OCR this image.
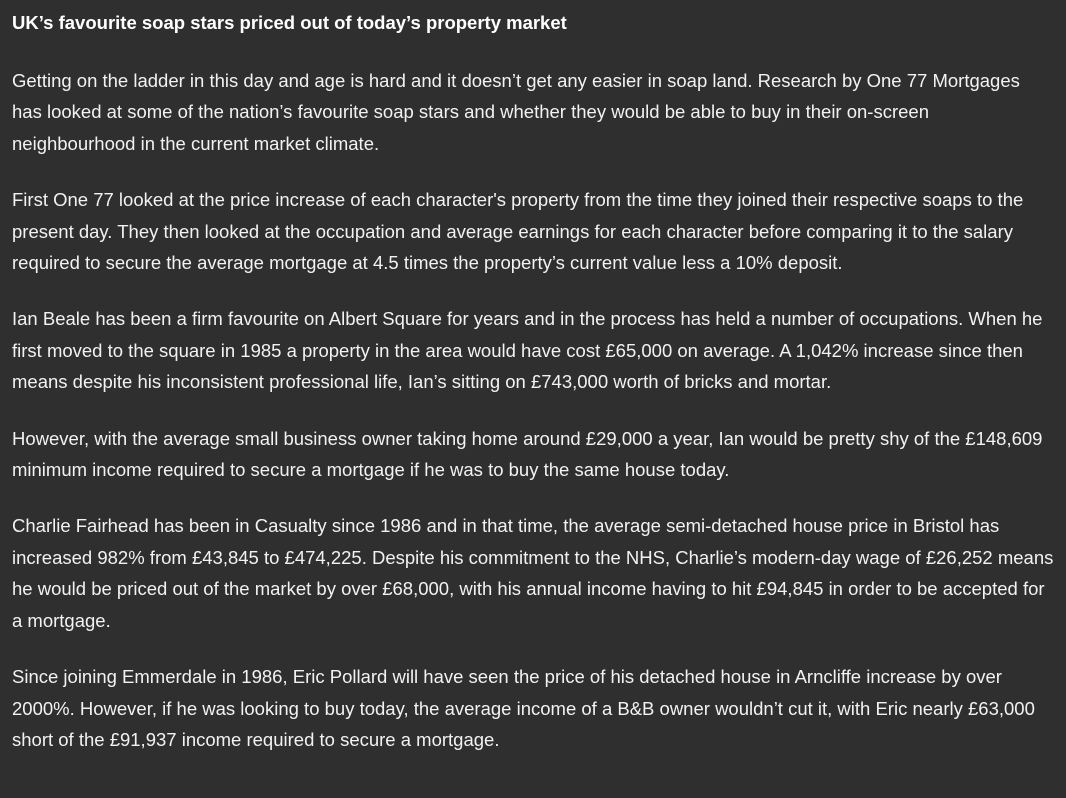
UK’s favourite soap stars priced out of today’s property market

Getting on the ladder in this day and age is hard and it doesn’t get any easier in soap land. Research by One 77 Mortgages has looked at some of the nation’s favourite soap stars and whether they would be able to buy in their on-screen neighbourhood in the current market climate.

First One 77 looked at the price increase of each character's property from the time they joined their respective soaps to the present day. They then looked at the occupation and average earnings for each character before comparing it to the salary required to secure the average mortgage at 4.5 times the property’s current value less a 10% deposit.

Ian Beale has been a firm favourite on Albert Square for years and in the process has held a number of occupations. When he first moved to the square in 1985 a property in the area would have cost £65,000 on average. A 1,042% increase since then means despite his inconsistent professional life, Ian’s sitting on £743,000 worth of bricks and mortar.

However, with the average small business owner taking home around £29,000 a year, Ian would be pretty shy of the £148,609 minimum income required to secure a mortgage if he was to buy the same house today.

Charlie Fairhead has been in Casualty since 1986 and in that time, the average semi-detached house price in Bristol has increased 982% from £43,845 to £474,225. Despite his commitment to the NHS, Charlie’s modern-day wage of £26,252 means he would be priced out of the market by over £68,000, with his annual income having to hit £94,845 in order to be accepted for a mortgage.

Since joining Emmerdale in 1986, Eric Pollard will have seen the price of his detached house in Arncliffe increase by over 2000%. However, if he was looking to buy today, the average income of a B&B owner wouldn’t cut it, with Eric nearly £63,000 short of the £91,937 income required to secure a mortgage.
